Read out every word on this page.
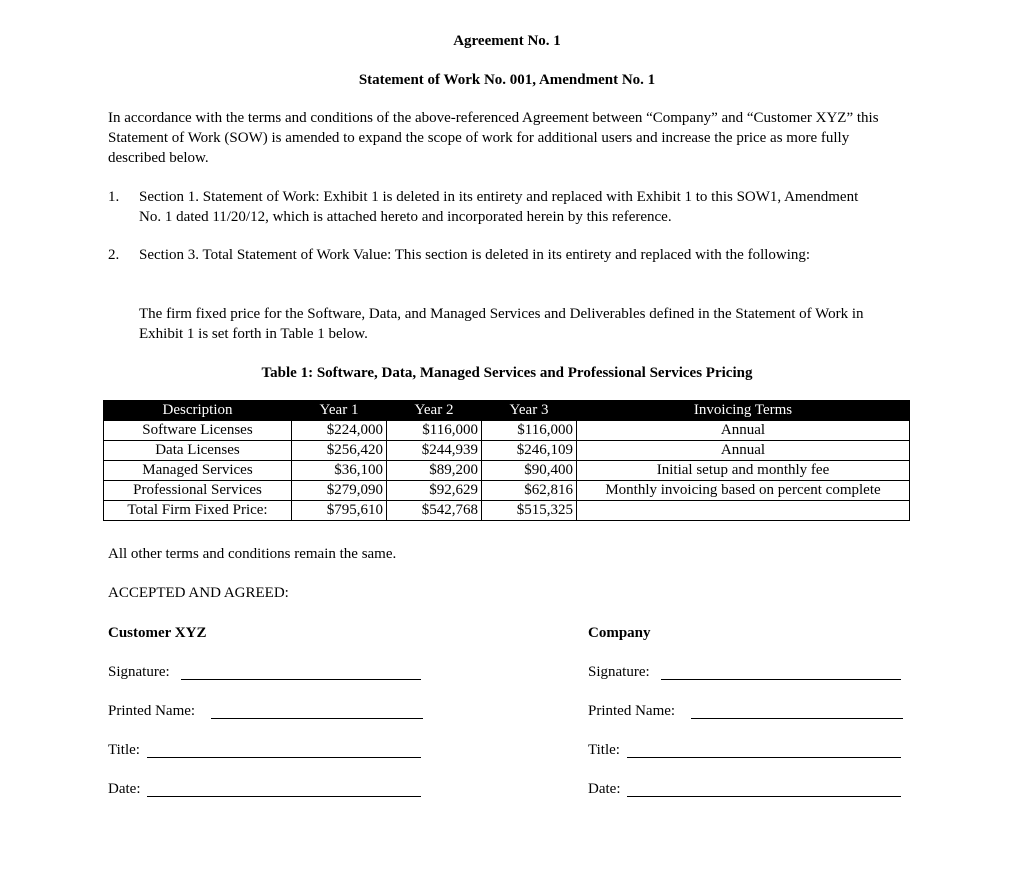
Agreement No. 1
Statement of Work No. 001, Amendment No. 1
In accordance with the terms and conditions of the above-referenced Agreement between “Company” and “Customer XYZ” this Statement of Work (SOW) is amended to expand the scope of work for additional users and increase the price as more fully described below.
1. Section 1. Statement of Work: Exhibit 1 is deleted in its entirety and replaced with Exhibit 1 to this SOW1, Amendment No. 1 dated 11/20/12, which is attached hereto and incorporated herein by this reference.
2. Section 3. Total Statement of Work Value: This section is deleted in its entirety and replaced with the following:
The firm fixed price for the Software, Data, and Managed Services and Deliverables defined in the Statement of Work in Exhibit 1 is set forth in Table 1 below.
Table 1: Software, Data, Managed Services and Professional Services Pricing
Description	Year 1	Year 2	Year 3	Invoicing Terms
Software Licenses	$224,000	$116,000	$116,000	Annual
Data Licenses	$256,420	$244,939	$246,109	Annual
Managed Services	$36,100	$89,200	$90,400	Initial setup and monthly fee
Professional Services	$279,090	$92,629	$62,816	Monthly invoicing based on percent complete
Total Firm Fixed Price:	$795,610	$542,768	$515,325	
All other terms and conditions remain the same.
ACCEPTED AND AGREED:
Customer XYZ
Signature:
Printed Name:
Title:
Date:
Company
Signature:
Printed Name:
Title:
Date:
